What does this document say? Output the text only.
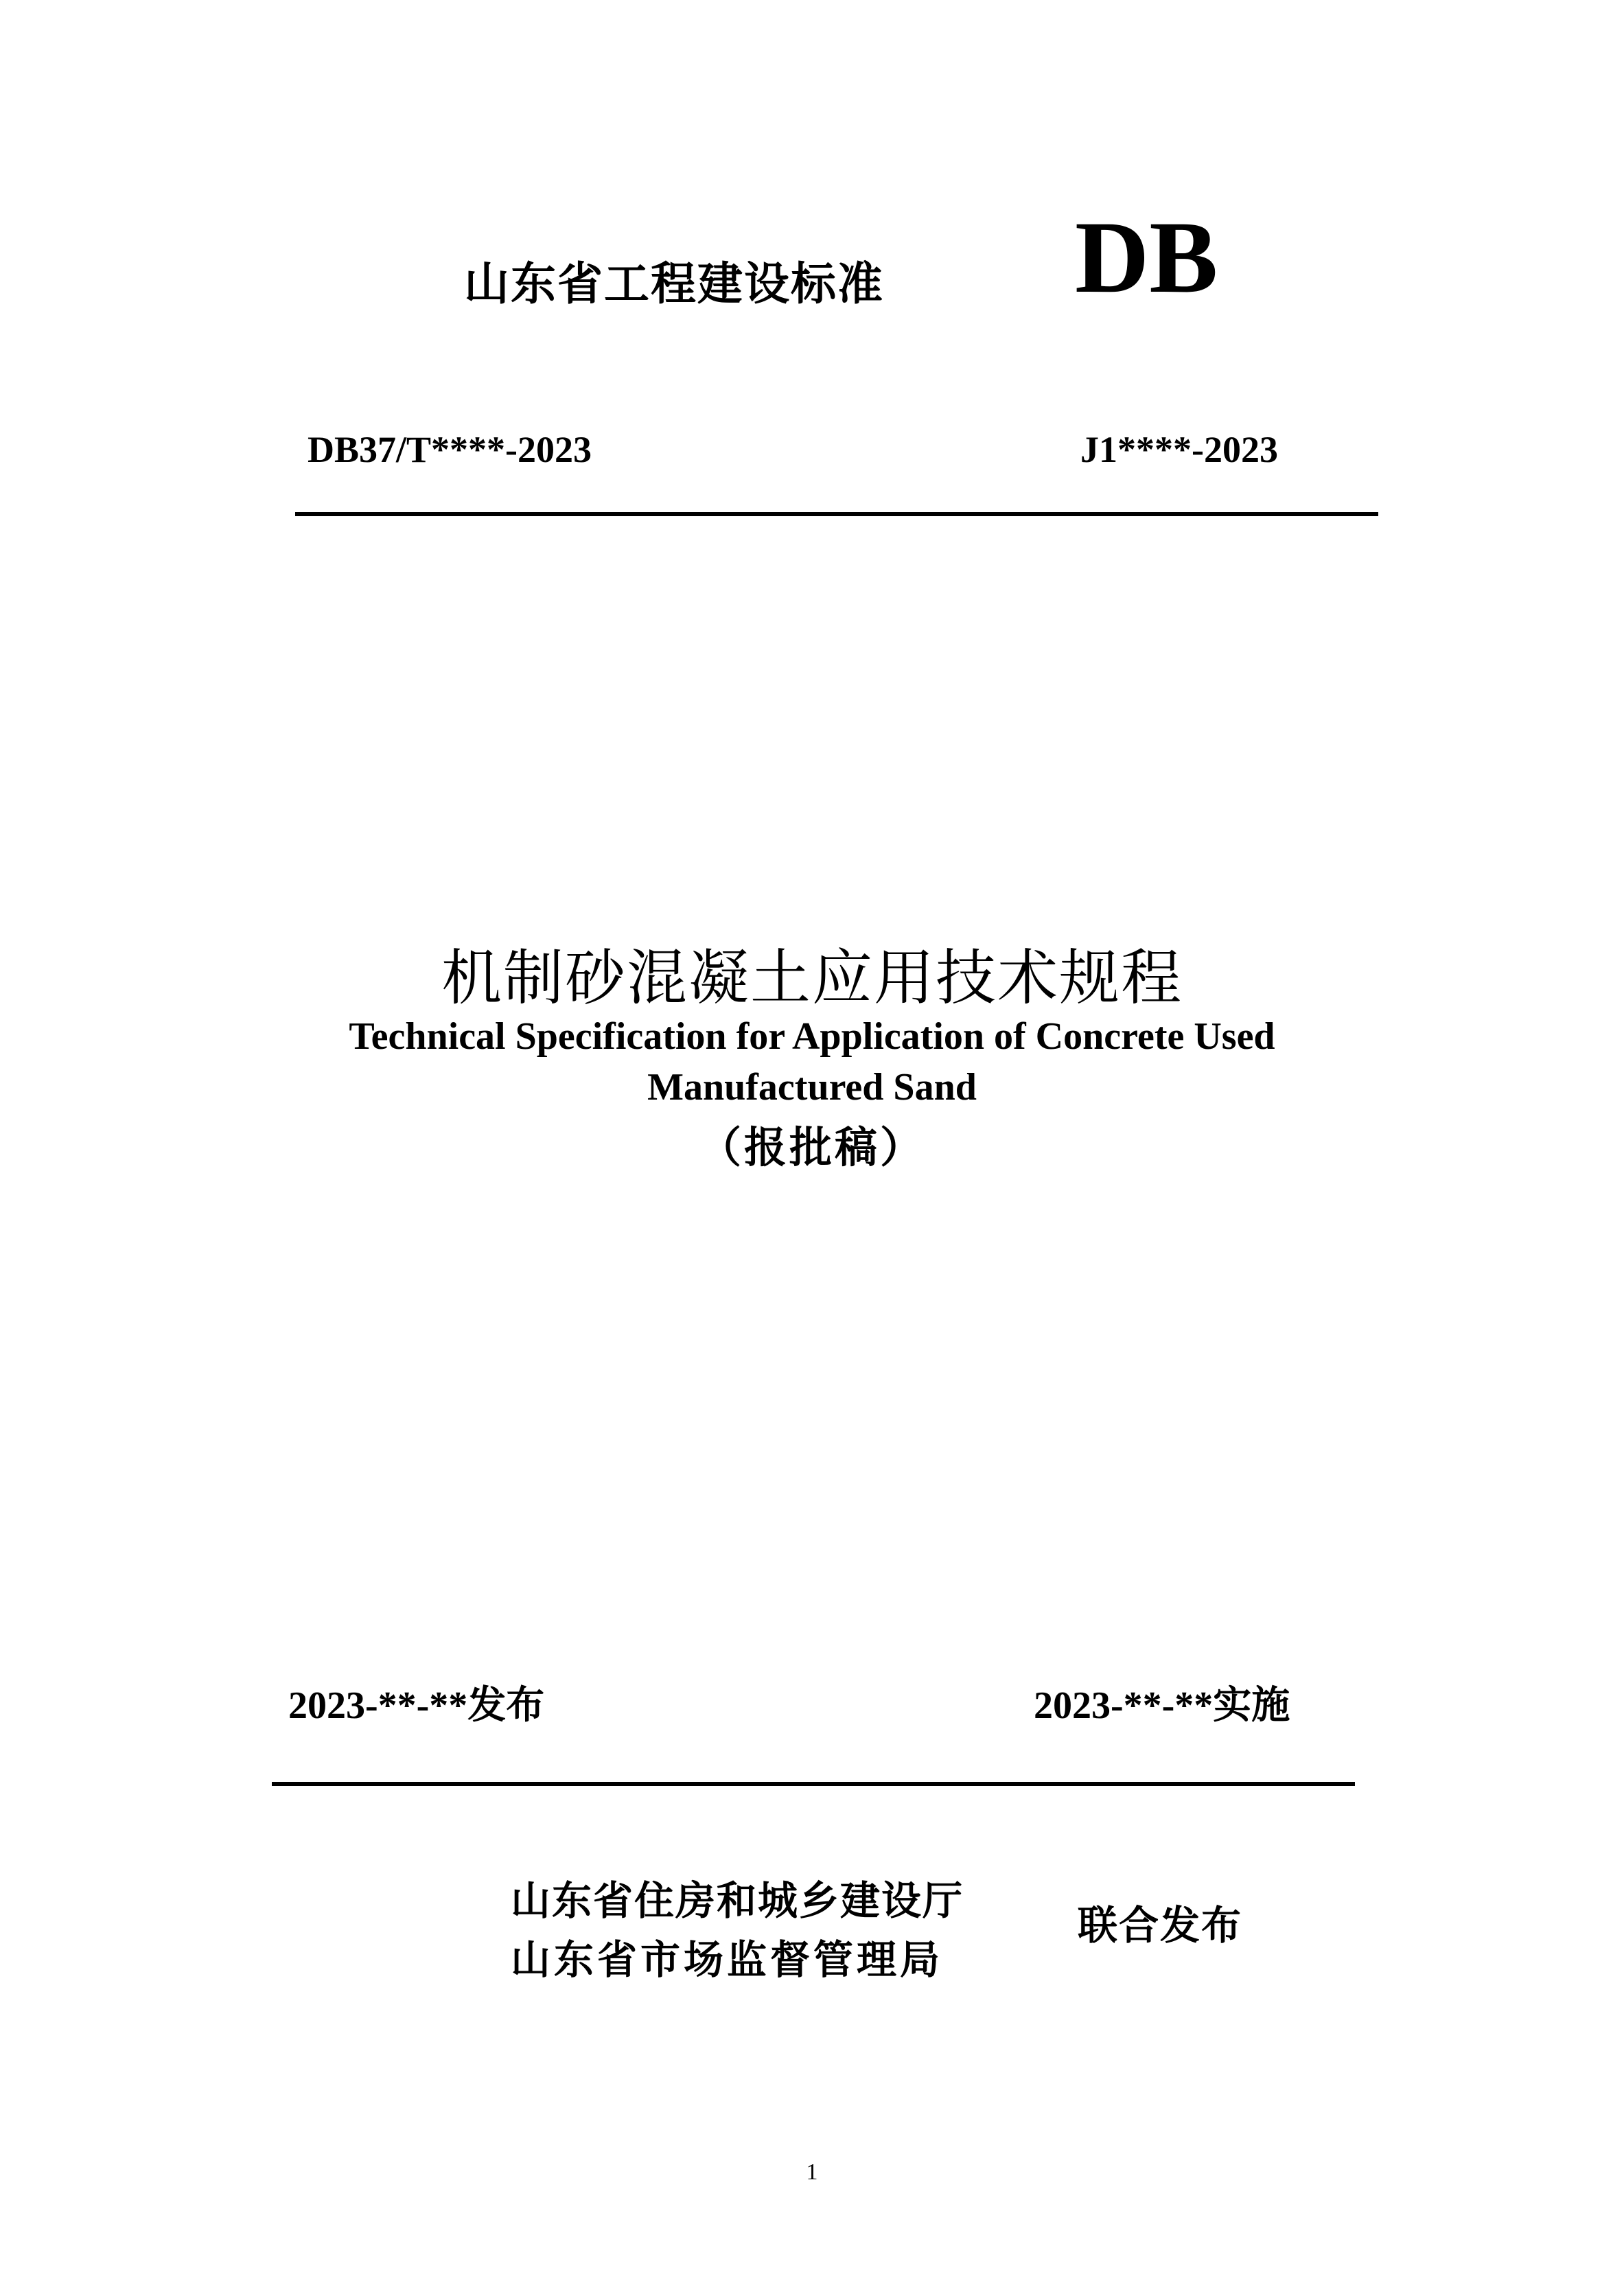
山东省工程建设标准 DB
DB37/T****-2023	J1****-2023
机制砂混凝土应用技术规程
Technical Specification for Application of Concrete Used
Manufactured Sand
（报批稿）
2023-**-**发布	2023-**-**实施
山东省住房和城乡建设厅
山东省市场监督管理局
联合发布
1
